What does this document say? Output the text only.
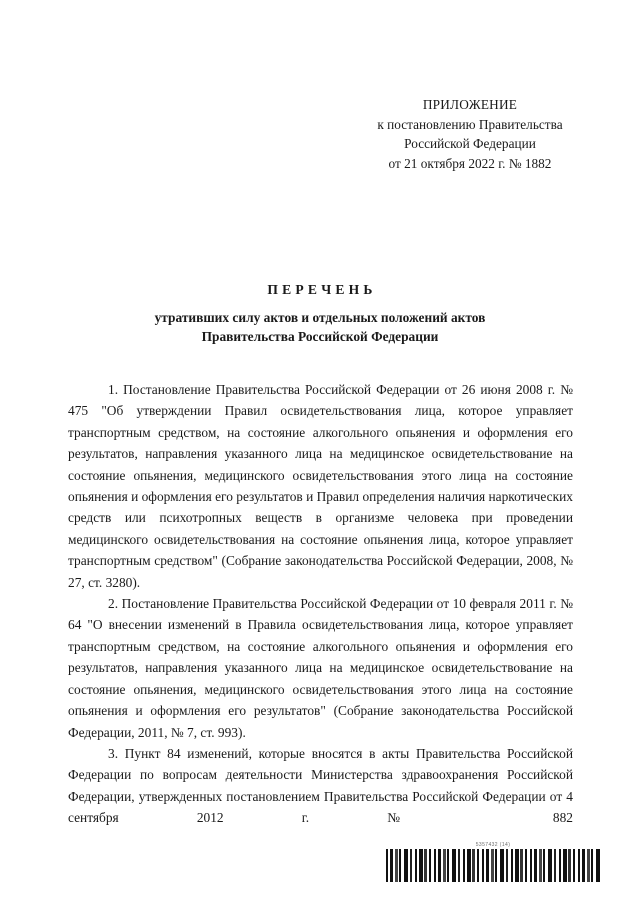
ПРИЛОЖЕНИЕ
к постановлению Правительства
Российской Федерации
от 21 октября 2022 г. № 1882
ПЕРЕЧЕНЬ
утративших силу актов и отдельных положений актов
Правительства Российской Федерации

1. Постановление Правительства Российской Федерации от 26 июня 2008 г. № 475 "Об утверждении Правил освидетельствования лица, которое управляет транспортным средством, на состояние алкогольного опьянения и оформления его результатов, направления указанного лица на медицинское освидетельствование на состояние опьянения, медицинского освидетельствования этого лица на состояние опьянения и оформления его результатов и Правил определения наличия наркотических средств или психотропных веществ в организме человека при проведении медицинского освидетельствования на состояние опьянения лица, которое управляет транспортным средством" (Собрание законодательства Российской Федерации, 2008, № 27, ст. 3280).

2. Постановление Правительства Российской Федерации от 10 февраля 2011 г. № 64 "О внесении изменений в Правила освидетельствования лица, которое управляет транспортным средством, на состояние алкогольного опьянения и оформления его результатов, направления указанного лица на медицинское освидетельствование на состояние опьянения, медицинского освидетельствования этого лица на состояние опьянения и оформления его результатов" (Собрание законодательства Российской Федерации, 2011, № 7, ст. 993).

3. Пункт 84 изменений, которые вносятся в акты Правительства Российской Федерации по вопросам деятельности Министерства здравоохранения Российской Федерации, утвержденных постановлением Правительства Российской Федерации от 4 сентября 2012 г. № 882

5357432 (14)
